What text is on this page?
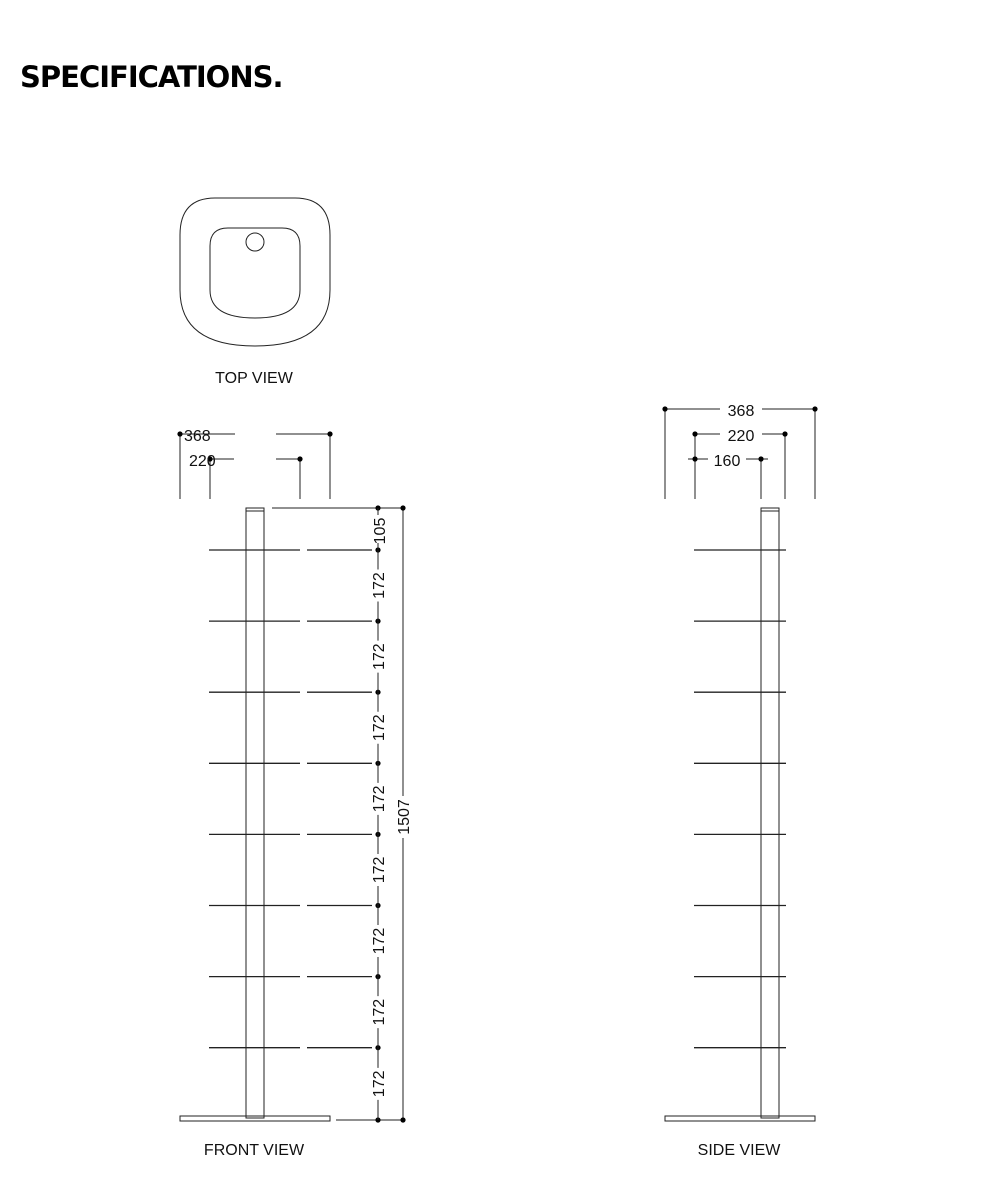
SPECIFICATIONS.
TOP VIEW
368
220
105
1507
172
172
172
172
172
172
172
172
FRONT VIEW
368
220
160
SIDE VIEW
